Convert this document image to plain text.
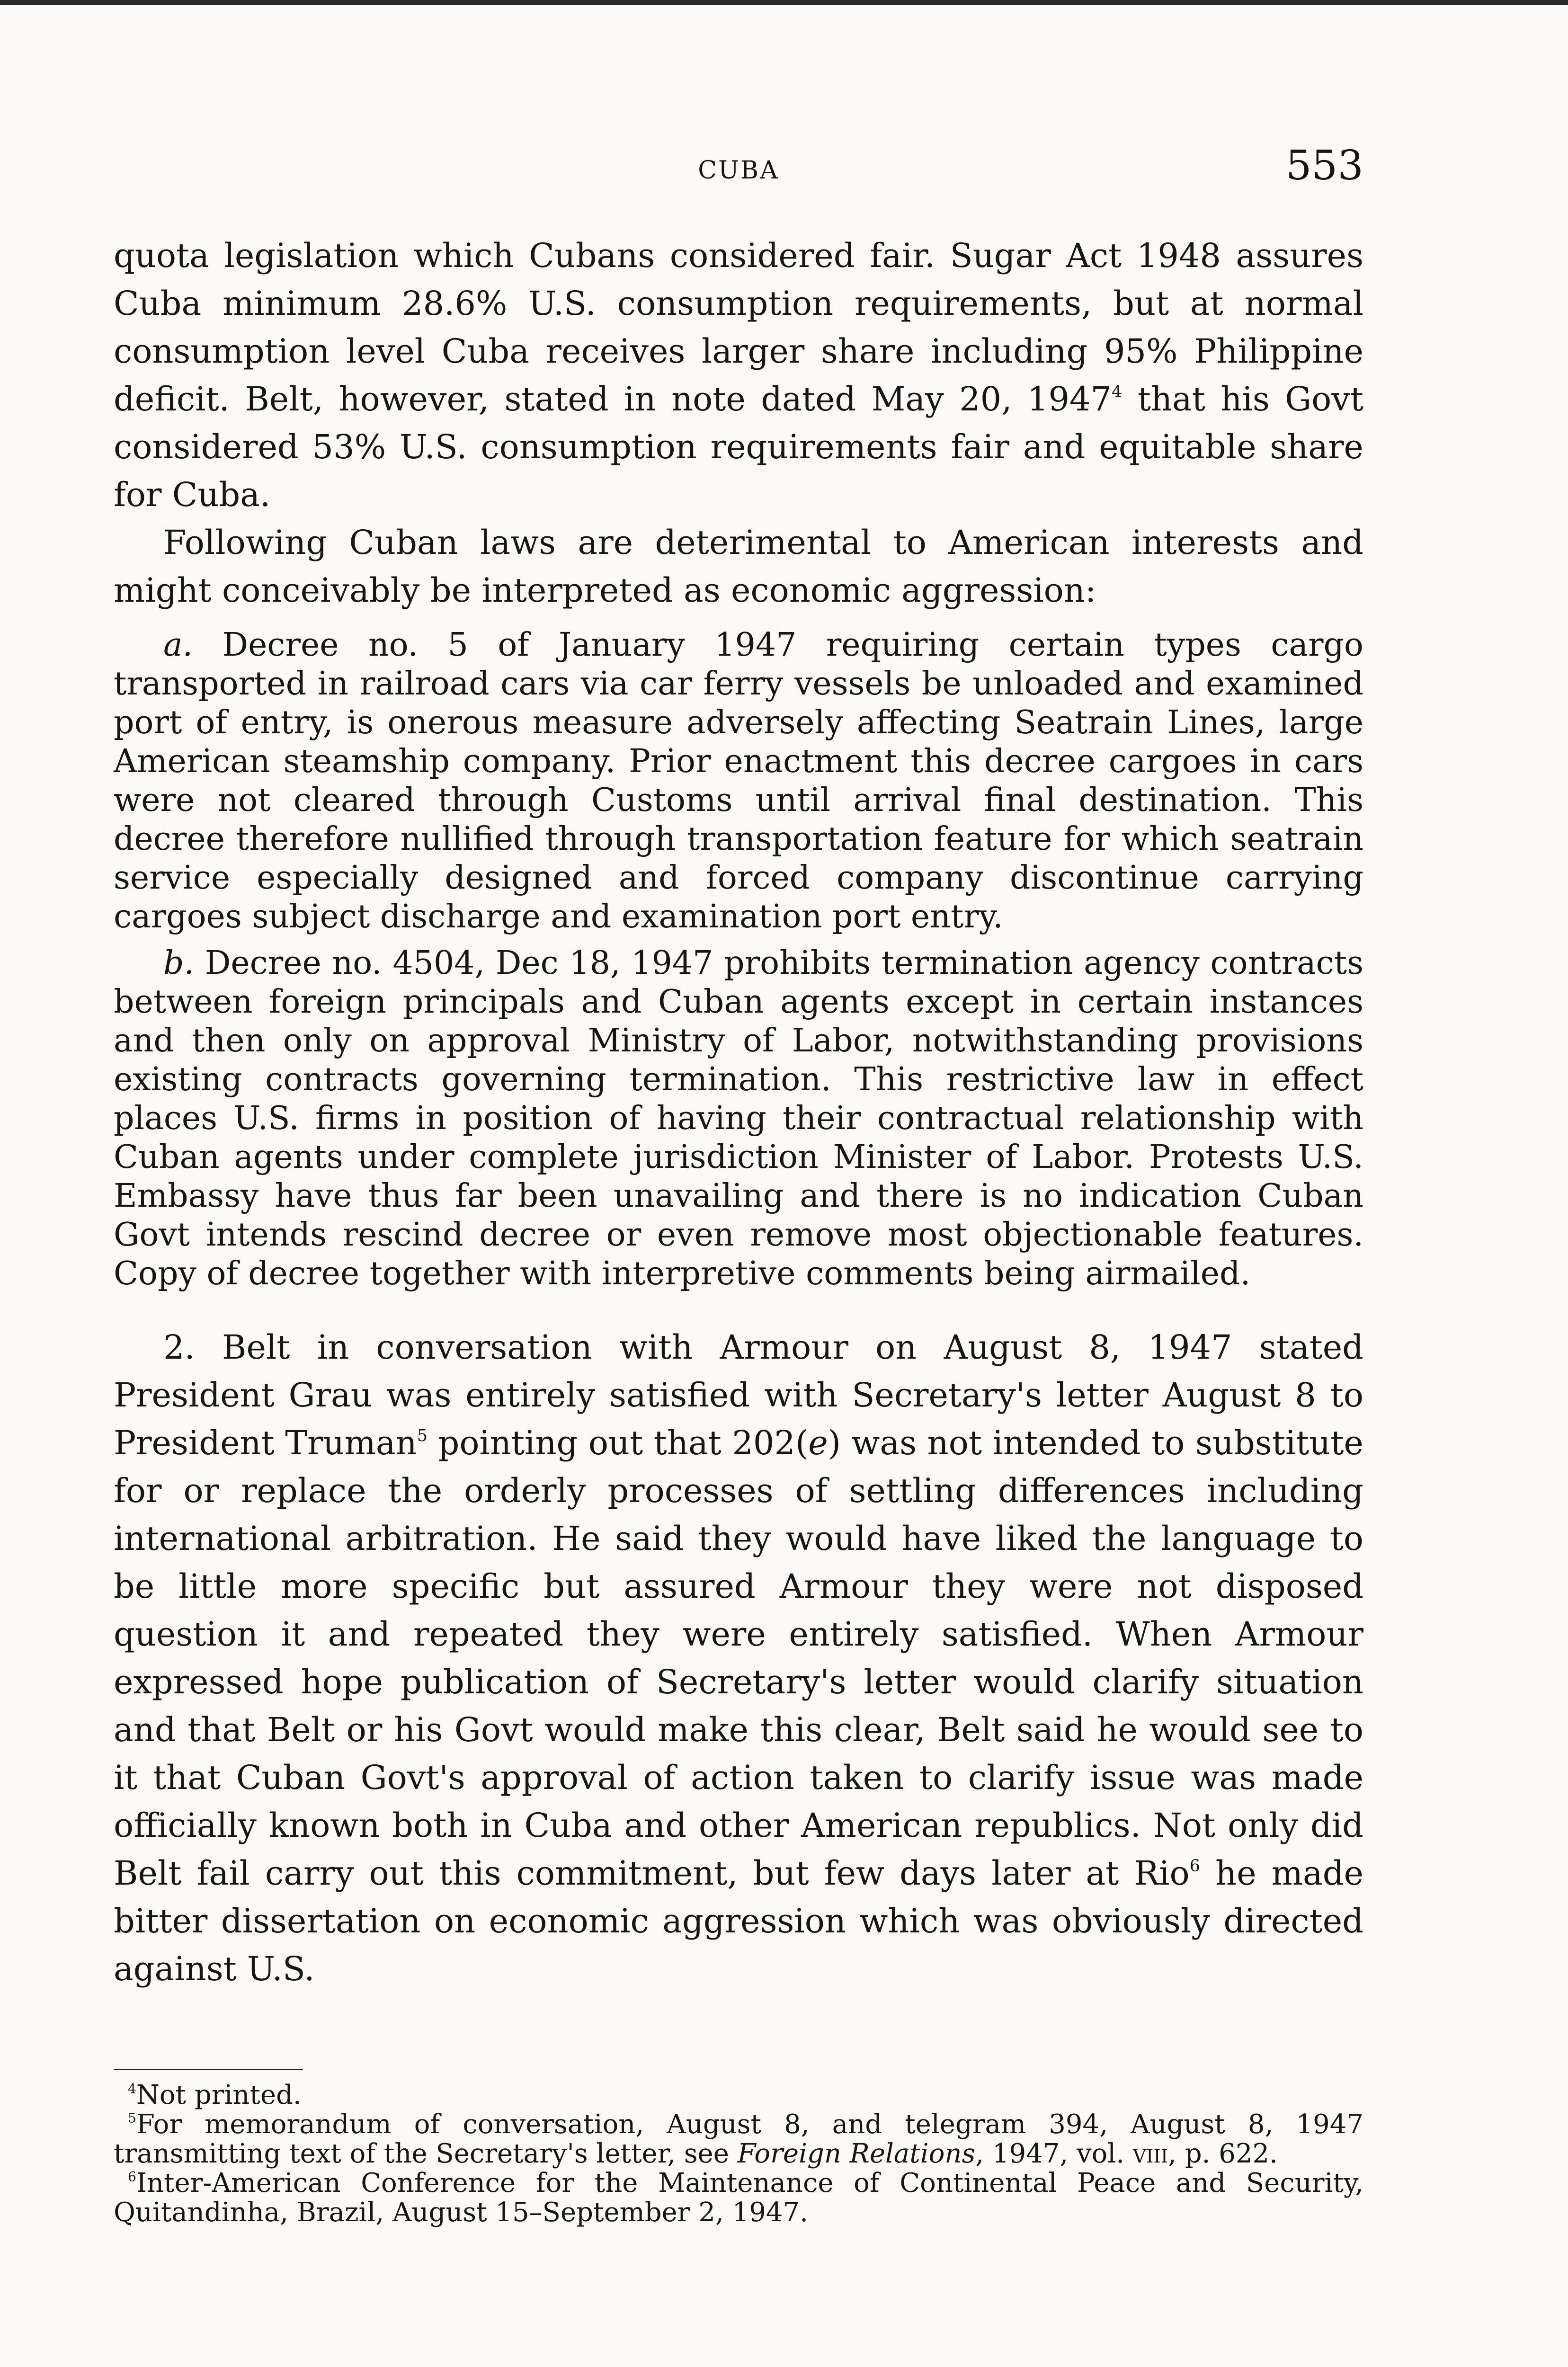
CUBA	553

quota legislation which Cubans considered fair. Sugar Act 1948 assures Cuba minimum 28.6% U.S. consumption requirements, but at normal consumption level Cuba receives larger share including 95% Philippine deficit. Belt, however, stated in note dated May 20, 1947$^4$ that his Govt considered 53% U.S. consumption requirements fair and equitable share for Cuba.

Following Cuban laws are deterimental to American interests and might conceivably be interpreted as economic aggression:

a. Decree no. 5 of January 1947 requiring certain types cargo transported in railroad cars via car ferry vessels be unloaded and examined port of entry, is onerous measure adversely affecting Seatrain Lines, large American steamship company. Prior enactment this decree cargoes in cars were not cleared through Customs until arrival final destination. This decree therefore nullified through transportation feature for which seatrain service especially designed and forced company discontinue carrying cargoes subject discharge and examination port entry.

b. Decree no. 4504, Dec 18, 1947 prohibits termination agency contracts between foreign principals and Cuban agents except in certain instances and then only on approval Ministry of Labor, notwithstanding provisions existing contracts governing termination. This restrictive law in effect places U.S. firms in position of having their contractual relationship with Cuban agents under complete jurisdiction Minister of Labor. Protests U.S. Embassy have thus far been unavailing and there is no indication Cuban Govt intends rescind decree or even remove most objectionable features. Copy of decree together with interpretive comments being airmailed.

2. Belt in conversation with Armour on August 8, 1947 stated President Grau was entirely satisfied with Secretary's letter August 8 to President Truman$^5$ pointing out that 202(e) was not intended to substitute for or replace the orderly processes of settling differences including international arbitration. He said they would have liked the language to be little more specific but assured Armour they were not disposed question it and repeated they were entirely satisfied. When Armour expressed hope publication of Secretary's letter would clarify situation and that Belt or his Govt would make this clear, Belt said he would see to it that Cuban Govt's approval of action taken to clarify issue was made officially known both in Cuba and other American republics. Not only did Belt fail carry out this commitment, but few days later at Rio$^6$ he made bitter dissertation on economic aggression which was obviously directed against U.S.

$^4$Not printed.

$^5$For memorandum of conversation, August 8, and telegram 394, August 8, 1947 transmitting text of the Secretary's letter, see Foreign Relations, 1947, vol. viii, p. 622.

$^6$Inter-American Conference for the Maintenance of Continental Peace and Security, Quitandinha, Brazil, August 15–September 2, 1947.
